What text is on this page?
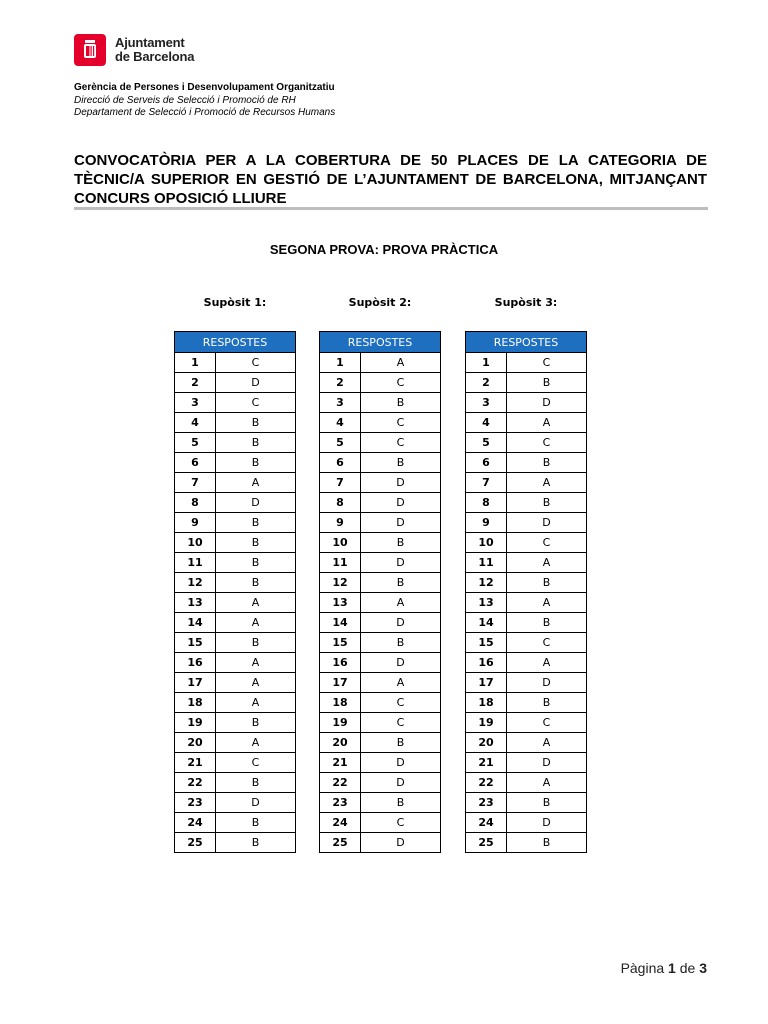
Ajuntament
de Barcelona
Gerència de Persones i Desenvolupament Organitzatiu
Direcció de Serveis de Selecció i Promoció de RH
Departament de Selecció i Promoció de Recursos Humans
CONVOCATÒRIA PER A LA COBERTURA DE 50 PLACES DE LA CATEGORIA DE TÈCNIC/A SUPERIOR EN GESTIÓ DE L’AJUNTAMENT DE BARCELONA, MITJANÇANT CONCURS OPOSICIÓ LLIURE
SEGONA PROVA: PROVA PRÀCTICA
Supòsit 1:
RESPOSTES	
1	C
2	D
3	C
4	B
5	B
6	B
7	A
8	D
9	B
10	B
11	B
12	B
13	A
14	A
15	B
16	A
17	A
18	A
19	B
20	A
21	C
22	B
23	D
24	B
25	B
Supòsit 2:
RESPOSTES	
1	A
2	C
3	B
4	C
5	C
6	B
7	D
8	D
9	D
10	B
11	D
12	B
13	A
14	D
15	B
16	D
17	A
18	C
19	C
20	B
21	D
22	D
23	B
24	C
25	D
Supòsit 3:
RESPOSTES	
1	C
2	B
3	D
4	A
5	C
6	B
7	A
8	B
9	D
10	C
11	A
12	B
13	A
14	B
15	C
16	A
17	D
18	B
19	C
20	A
21	D
22	A
23	B
24	D
25	B
Pàgina 1 de 3
